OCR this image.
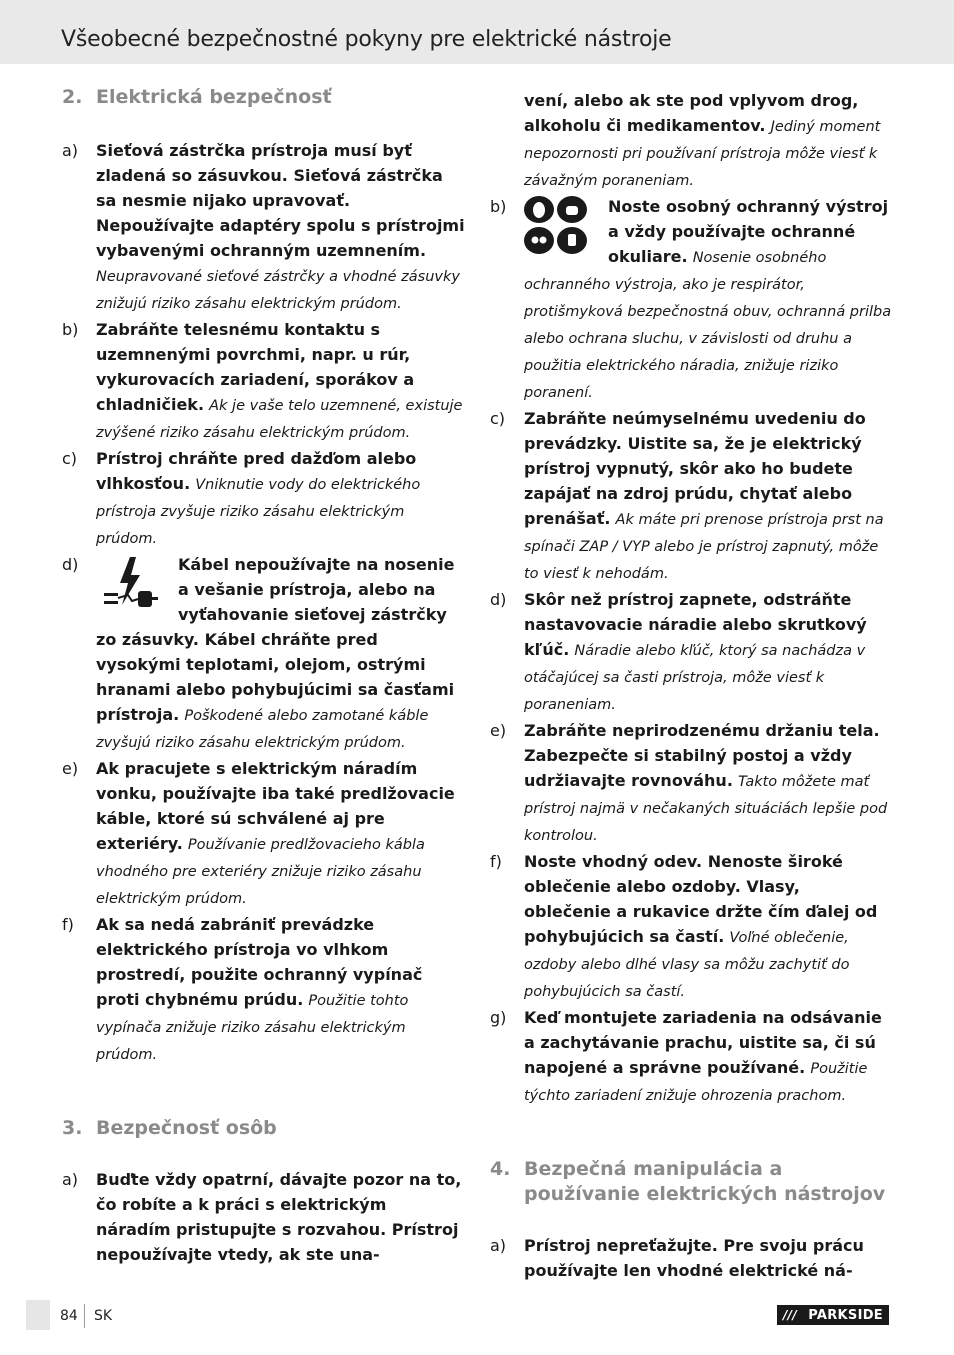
Všeobecné bezpečnostné pokyny pre elektrické nástroje
2. Elektrická bezpečnosť
a)	Sieťová zástrčka prístroja musí byť zladená so zásuvkou. Sieťová zástrčka sa nesmie nijako upravovať. Nepoužívajte adaptéry spolu s prístrojmi vybavenými ochranným uzemnením. Neupravované sieťové zástrčky a vhodné zásuvky znižujú riziko zásahu elektrickým prúdom.
b)	Zabráňte telesnému kontaktu s uzemnenými povrchmi, napr. u rúr, vykurovacích zariadení, sporákov a chladničiek. Ak je vaše telo uzemnené, existuje zvýšené riziko zásahu elektrickým prúdom.
c)	Prístroj chráňte pred dažďom alebo vlhkosťou. Vniknutie vody do elektrického prístroja zvyšuje riziko zásahu elektrickým prúdom.
d)	Kábel nepoužívajte na nosenie a vešanie prístroja, alebo na vyťahovanie sieťovej zástrčky zo zásuvky. Kábel chráňte pred vysokými teplotami, olejom, ostrými hranami alebo pohybujúcimi sa časťami prístroja. Poškodené alebo zamotané káble zvyšujú riziko zásahu elektrickým prúdom.
e)	Ak pracujete s elektrickým náradím vonku, používajte iba také predlžovacie káble, ktoré sú schválené aj pre exteriéry. Používanie predlžovacieho kábla vhodného pre exteriéry znižuje riziko zásahu elektrickým prúdom.
f)	Ak sa nedá zabrániť prevádzke elektrického prístroja vo vlhkom prostredí, použite ochranný vypínač proti chybnému prúdu. Použitie tohto vypínača znižuje riziko zásahu elektrickým prúdom.
3. Bezpečnosť osôb
a)	Buďte vždy opatrní, dávajte pozor na to, čo robíte a k práci s elektrickým náradím pristupujte s rozvahou. Prístroj nepoužívajte vtedy, ak ste una-
vení, alebo ak ste pod vplyvom drog, alkoholu či medikamentov. Jediný moment nepozornosti pri používaní prístroja môže viesť k závažným poraneniam.
b)	Noste osobný ochranný výstroj a vždy používajte ochranné okuliare. Nosenie osobného ochranného výstroja, ako je respirátor, protišmyková bezpečnostná obuv, ochranná prilba alebo ochrana sluchu, v závislosti od druhu a použitia elektrického náradia, znižuje riziko poranení.
c)	Zabráňte neúmyselnému uvedeniu do prevádzky. Uistite sa, že je elektrický prístroj vypnutý, skôr ako ho budete zapájať na zdroj prúdu, chytať alebo prenášať. Ak máte pri prenose prístroja prst na spínači ZAP / VYP alebo je prístroj zapnutý, môže to viesť k nehodám.
d)	Skôr než prístroj zapnete, odstráňte nastavovacie náradie alebo skrutkový kľúč. Náradie alebo kľúč, ktorý sa nachádza v otáčajúcej sa časti prístroja, môže viesť k poraneniam.
e)	Zabráňte neprirodzenému držaniu tela. Zabezpečte si stabilný postoj a vždy udržiavajte rovnováhu. Takto môžete mať prístroj najmä v nečakaných situáciách lepšie pod kontrolou.
f)	Noste vhodný odev. Nenoste široké oblečenie alebo ozdoby. Vlasy, oblečenie a rukavice držte čím ďalej od pohybujúcich sa častí. Voľné oblečenie, ozdoby alebo dlhé vlasy sa môžu zachytiť do pohybujúcich sa častí.
g)	Keď montujete zariadenia na odsávanie a zachytávanie prachu, uistite sa, či sú napojené a správne používané. Použitie týchto zariadení znižuje ohrozenia prachom.
4. Bezpečná manipulácia a používanie elektrických nástrojov
a)	Prístroj nepreťažujte. Pre svoju prácu používajte len vhodné elektrické ná-
84 SK	/// PARKSIDE
